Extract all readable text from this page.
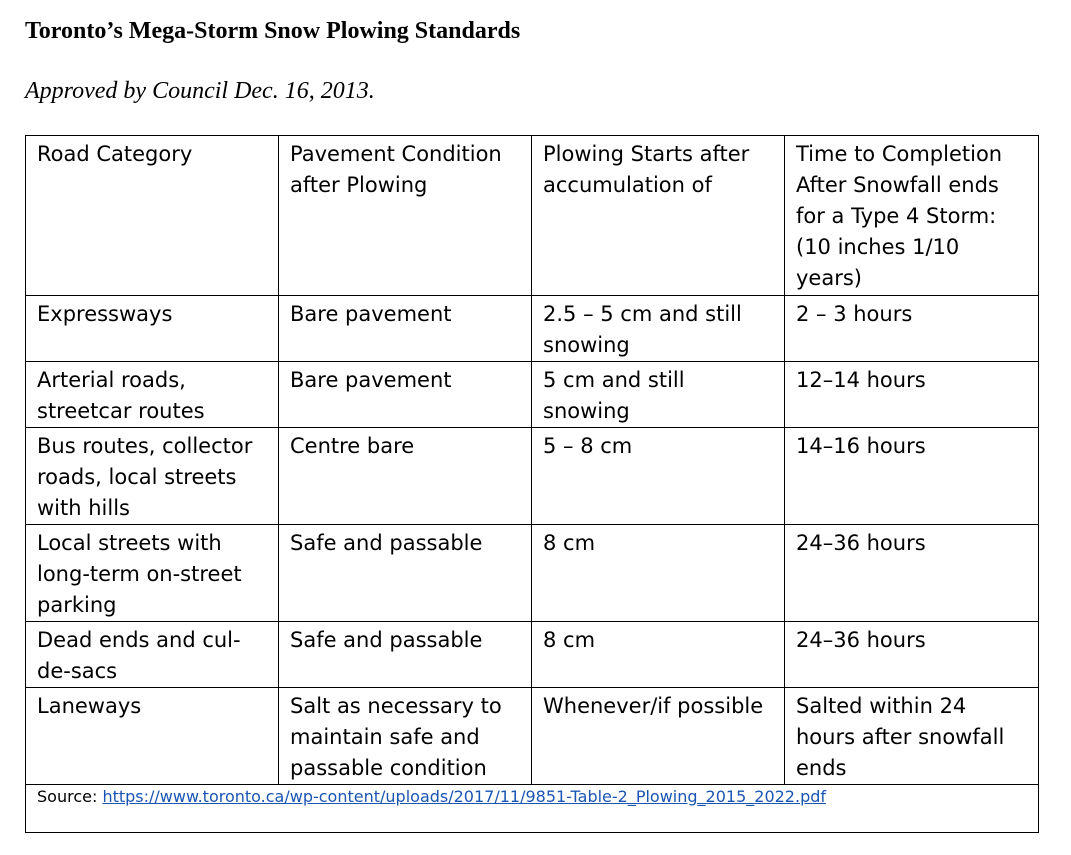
Toronto’s Mega-Storm Snow Plowing Standards

Approved by Council Dec. 16, 2013.

Road Category	Pavement Condition after Plowing	Plowing Starts after accumulation of	Time to Completion After Snowfall ends for a Type 4 Storm: (10 inches 1/10 years)
Expressways	Bare pavement	2.5 – 5 cm and still snowing	2 – 3 hours
Arterial roads, streetcar routes	Bare pavement	5 cm and still snowing	12–14 hours
Bus routes, collector roads, local streets with hills	Centre bare	5 – 8 cm	14–16 hours
Local streets with long-term on-street parking	Safe and passable	8 cm	24–36 hours
Dead ends and cul-de-sacs	Safe and passable	8 cm	24–36 hours
Laneways	Salt as necessary to maintain safe and passable condition	Whenever/if possible	Salted within 24 hours after snowfall ends
Source: https://www.toronto.ca/wp-content/uploads/2017/11/9851-Table-2_Plowing_2015_2022.pdf			
